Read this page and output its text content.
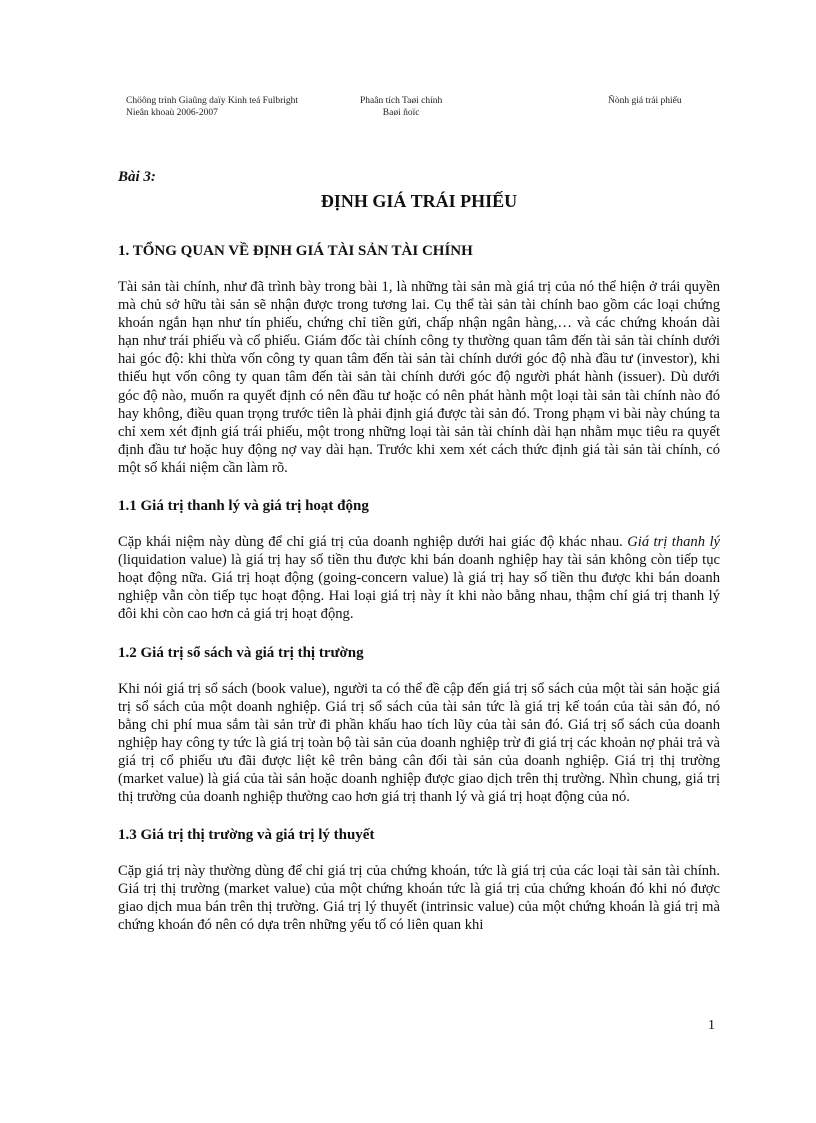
Chöông trình Giaûng daïy Kinh teá Fulbright
Nieân khoaù 2006-2007
Phaân tích Taøi chính
Baøi ñoïc
Ñònh giá trái phiếu
Bài 3:
ĐỊNH GIÁ TRÁI PHIẾU
1. TỔNG QUAN VỀ ĐỊNH GIÁ TÀI SẢN TÀI CHÍNH

Tài sản tài chính, như đã trình bày trong bài 1, là những tài sản mà giá trị của nó thể hiện ở trái quyền mà chủ sở hữu tài sản sẽ nhận được trong tương lai. Cụ thể tài sản tài chính bao gồm các loại chứng khoán ngắn hạn như tín phiếu, chứng chỉ tiền gửi, chấp nhận ngân hàng,… và các chứng khoán dài hạn như trái phiếu và cổ phiếu. Giám đốc tài chính công ty thường quan tâm đến tài sản tài chính dưới hai góc độ: khi thừa vốn công ty quan tâm đến tài sản tài chính dưới góc độ nhà đầu tư (investor), khi thiếu hụt vốn công ty quan tâm đến tài sản tài chính dưới góc độ người phát hành (issuer). Dù dưới góc độ nào, muốn ra quyết định có nên đầu tư hoặc có nên phát hành một loại tài sản tài chính nào đó hay không, điều quan trọng trước tiên là phải định giá được tài sản đó. Trong phạm vi bài này chúng ta chỉ xem xét định giá trái phiếu, một trong những loại tài sản tài chính dài hạn nhằm mục tiêu ra quyết định đầu tư hoặc huy động nợ vay dài hạn. Trước khi xem xét cách thức định giá tài sản tài chính, có một số khái niệm cần làm rõ.

1.1 Giá trị thanh lý và giá trị hoạt động

Cặp khái niệm này dùng để chỉ giá trị của doanh nghiệp dưới hai giác độ khác nhau. Giá trị thanh lý (liquidation value) là giá trị hay số tiền thu được khi bán doanh nghiệp hay tài sản không còn tiếp tục hoạt động nữa. Giá trị hoạt động (going-concern value) là giá trị hay số tiền thu được khi bán doanh nghiệp vẫn còn tiếp tục hoạt động. Hai loại giá trị này ít khi nào bằng nhau, thậm chí giá trị thanh lý đôi khi còn cao hơn cả giá trị hoạt động.

1.2 Giá trị sổ sách và giá trị thị trường

Khi nói giá trị sổ sách (book value), người ta có thể đề cập đến giá trị sổ sách của một tài sản hoặc giá trị sổ sách của một doanh nghiệp. Giá trị sổ sách của tài sản tức là giá trị kế toán của tài sản đó, nó bằng chi phí mua sắm tài sản trừ đi phần khấu hao tích lũy của tài sản đó. Giá trị sổ sách của doanh nghiệp hay công ty tức là giá trị toàn bộ tài sản của doanh nghiệp trừ đi giá trị các khoản nợ phải trả và giá trị cổ phiếu ưu đãi được liệt kê trên bảng cân đối tài sản của doanh nghiệp. Giá trị thị trường (market value) là giá của tài sản hoặc doanh nghiệp được giao dịch trên thị trường. Nhìn chung, giá trị thị trường của doanh nghiệp thường cao hơn giá trị thanh lý và giá trị hoạt động của nó.

1.3 Giá trị thị trường và giá trị lý thuyết

Cặp giá trị này thường dùng để chỉ giá trị của chứng khoán, tức là giá trị của các loại tài sản tài chính. Giá trị thị trường (market value) của một chứng khoán tức là giá trị của chứng khoán đó khi nó được giao dịch mua bán trên thị trường. Giá trị lý thuyết (intrinsic value) của một chứng khoán là giá trị mà chứng khoán đó nên có dựa trên những yếu tố có liên quan khi

1
